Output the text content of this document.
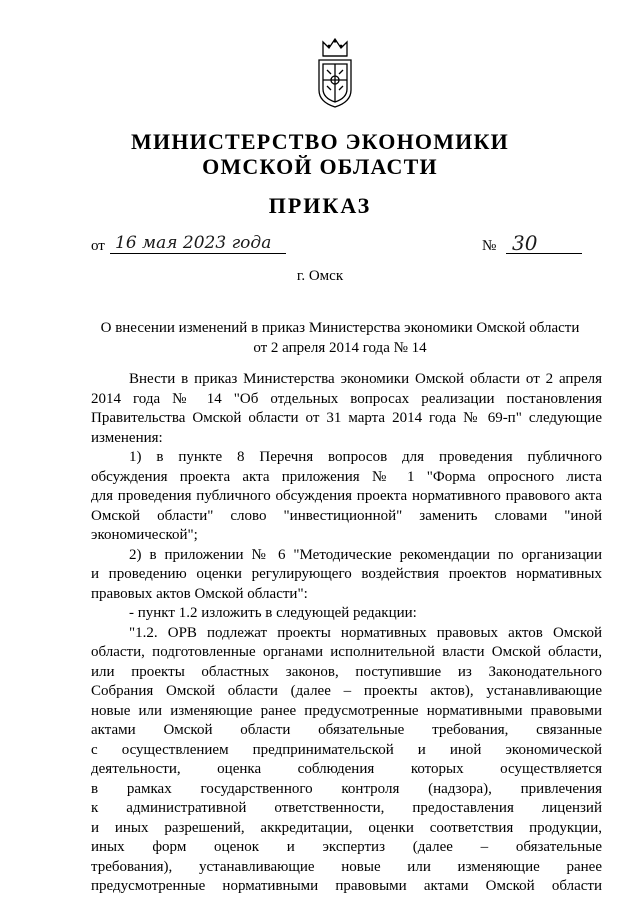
МИНИСТЕРСТВО ЭКОНОМИКИ
ОМСКОЙ ОБЛАСТИ
ПРИКАЗ
от 16 мая 2023 года	№ 30
г. Омск
О внесении изменений в приказ Министерства экономики Омской области
от 2 апреля 2014 года № 14
Внести в приказ Министерства экономики Омской области от 2 апреля
2014 года № 14 "Об отдельных вопросах реализации постановления
Правительства Омской области от 31 марта 2014 года № 69-п" следующие
изменения:
1) в пункте 8 Перечня вопросов для проведения публичного
обсуждения проекта акта приложения № 1 "Форма опросного листа
для проведения публичного обсуждения проекта нормативного правового акта
Омской области" слово "инвестиционной" заменить словами "иной
экономической";
2) в приложении № 6 "Методические рекомендации по организации
и проведению оценки регулирующего воздействия проектов нормативных
правовых актов Омской области":
- пункт 1.2 изложить в следующей редакции:
"1.2. ОРВ подлежат проекты нормативных правовых актов Омской
области, подготовленные органами исполнительной власти Омской области,
или проекты областных законов, поступившие из Законодательного
Собрания Омской области (далее – проекты актов), устанавливающие
новые или изменяющие ранее предусмотренные нормативными правовыми
актами Омской области обязательные требования, связанные
с осуществлением предпринимательской и иной экономической
деятельности, оценка соблюдения которых осуществляется
в рамках государственного контроля (надзора), привлечения
к административной ответственности, предоставления лицензий
и иных разрешений, аккредитации, оценки соответствия продукции,
иных форм оценок и экспертиз (далее – обязательные
требования), устанавливающие новые или изменяющие ранее
предусмотренные нормативными правовыми актами Омской области
